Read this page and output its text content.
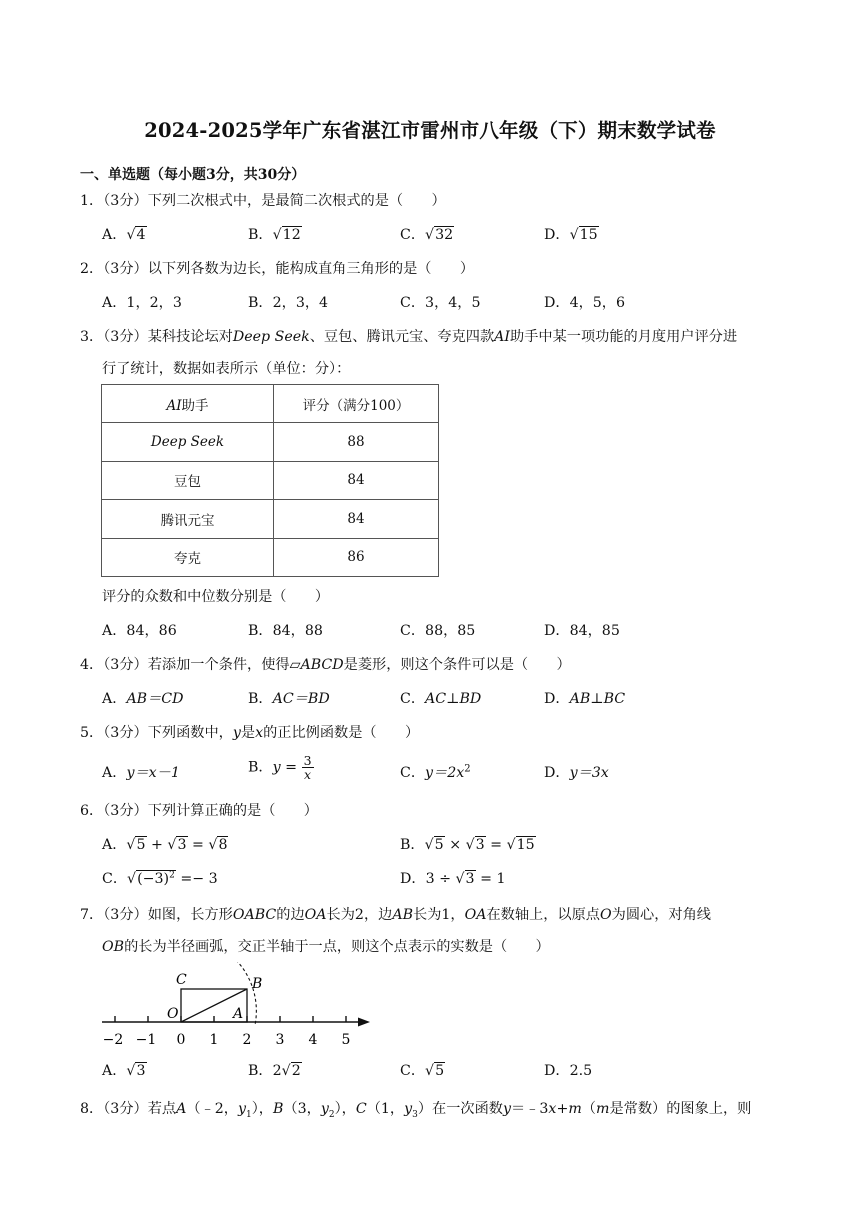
2024-2025学年广东省湛江市雷州市八年级（下）期末数学试卷
一、单选题（每小题3分，共30分）
1．（3分）下列二次根式中，是最简二次根式的是（　　）
A．√4	B．√12	C．√32	D．√15
2．（3分）以下列各数为边长，能构成直角三角形的是（　　）
A．1，2，3	B．2，3，4	C．3，4，5	D．4，5，6
3．（3分）某科技论坛对Deep Seek、豆包、腾讯元宝、夸克四款AI助手中某一项功能的月度用户评分进
行了统计，数据如表所示（单位：分）：
AI助手	评分（满分100）
Deep Seek	88
豆包	84
腾讯元宝	84
夸克	86
评分的众数和中位数分别是（　　）
A．84，86	B．84，88	C．88，85	D．84，85
4．（3分）若添加一个条件，使得▱ABCD是菱形，则这个条件可以是（　　）
A．AB＝CD	B．AC＝BD	C．AC⊥BD	D．AB⊥BC
5．（3分）下列函数中，y是x的正比例函数是（　　）
A．y＝x－1	B．$y = \frac{3}{x}$	C．$y=2x^2$	D．y＝3x
6．（3分）下列计算正确的是（　　）
A．√5 + √3 = √8	B．√5 × √3 = √15
C．$√(-3)^2 =- 3$	D．3 ÷ √3 = 1
7．（3分）如图，长方形OABC的边OA长为2，边AB长为1，OA在数轴上，以原点O为圆心，对角线
OB的长为半径画弧，交正半轴于一点，则这个点表示的实数是（　　）
C	B
O	A
−2 −1 0 1 2 3 4 5
A．√3	B．2√2	C．√5	D．2.5
8．（3分）若点A（﹣2，$y_1$），B（3，$y_2$），C（1，$y_3$）在一次函数y＝﹣3x+m（m是常数）的图象上，则
